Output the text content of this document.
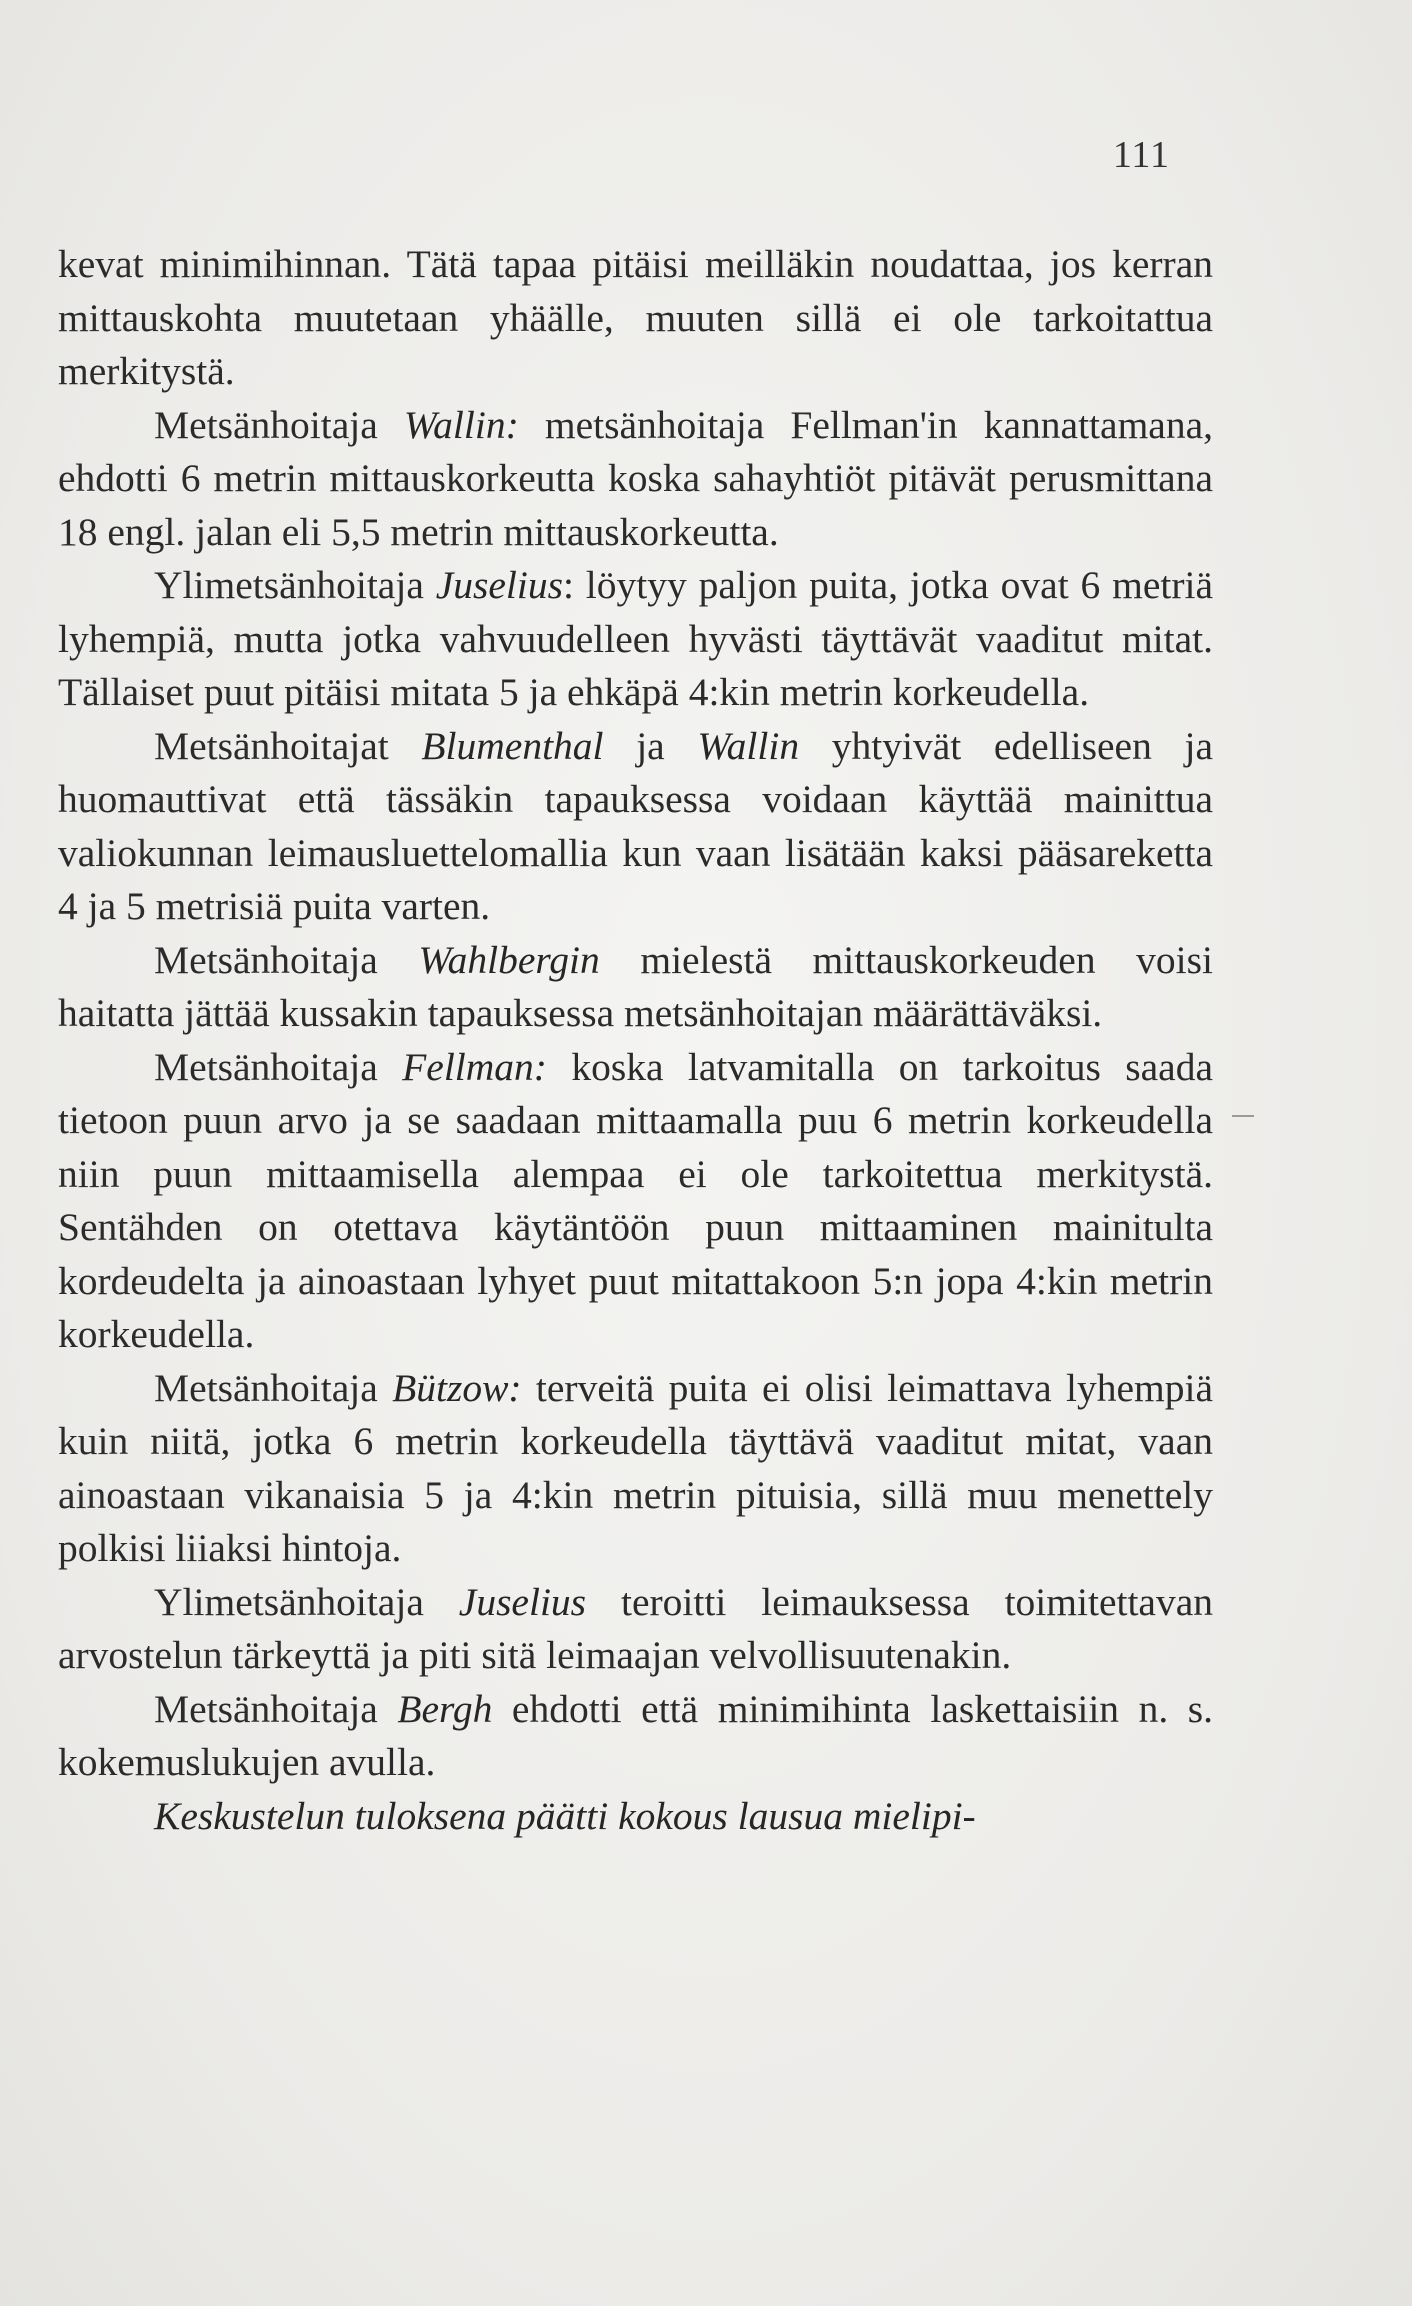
111

kevat minimihinnan. Tätä tapaa pitäisi meilläkin noudattaa, jos kerran mittauskohta muutetaan yhäälle, muuten sillä ei ole tarkoitattua merkitystä.

Metsänhoitaja Wallin: metsänhoitaja Fellman'in kannattamana, ehdotti 6 metrin mittauskorkeutta koska sahayhtiöt pitävät perusmittana 18 engl. jalan eli 5,5 metrin mittauskorkeutta.

Ylimetsänhoitaja Juselius: löytyy paljon puita, jotka ovat 6 metriä lyhempiä, mutta jotka vahvuudelleen hyvästi täyttävät vaaditut mitat. Tällaiset puut pitäisi mitata 5 ja ehkäpä 4:kin metrin korkeudella.

Metsänhoitajat Blumenthal ja Wallin yhtyivät edelliseen ja huomauttivat että tässäkin tapauksessa voidaan käyttää mainittua valiokunnan leimausluettelomallia kun vaan lisätään kaksi pääsareketta 4 ja 5 metrisiä puita varten.

Metsänhoitaja Wahlbergin mielestä mittauskorkeuden voisi haitatta jättää kussakin tapauksessa metsänhoitajan määrättäväksi.

Metsänhoitaja Fellman: koska latvamitalla on tarkoitus saada tietoon puun arvo ja se saadaan mittaamalla puu 6 metrin korkeudella niin puun mittaamisella alempaa ei ole tarkoitettua merkitystä. Sentähden on otettava käytäntöön puun mittaaminen mainitulta kordeudelta ja ainoastaan lyhyet puut mitattakoon 5:n jopa 4:kin metrin korkeudella.

Metsänhoitaja Bützow: terveitä puita ei olisi leimattava lyhempiä kuin niitä, jotka 6 metrin korkeudella täyttävä vaaditut mitat, vaan ainoastaan vikanaisia 5 ja 4:kin metrin pituisia, sillä muu menettely polkisi liiaksi hintoja.

Ylimetsänhoitaja Juselius teroitti leimauksessa toimitettavan arvostelun tärkeyttä ja piti sitä leimaajan velvollisuutenakin.

Metsänhoitaja Bergh ehdotti että minimihinta laskettaisiin n. s. kokemuslukujen avulla.

Keskustelun tuloksena päätti kokous lausua mielipi-
